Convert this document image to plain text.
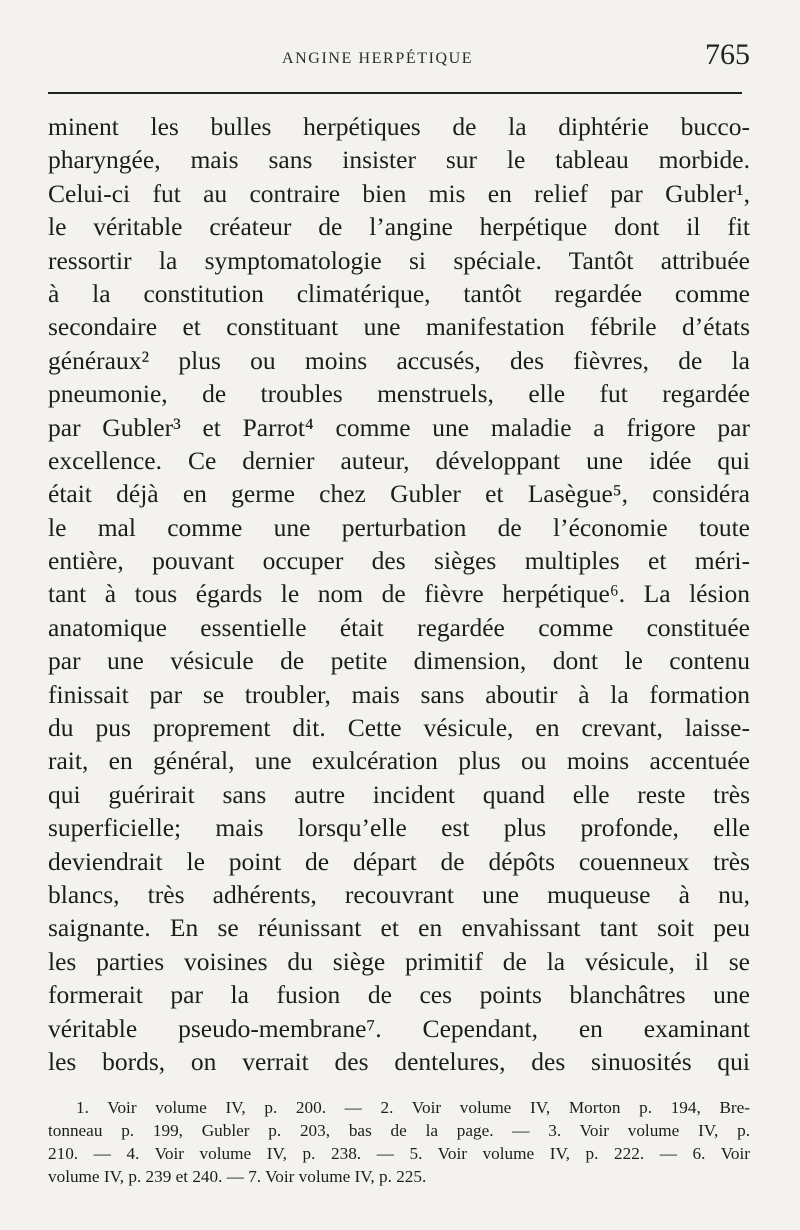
ANGINE HERPÉTIQUE	765
minent les bulles herpétiques de la diphtérie bucco-
pharyngée, mais sans insister sur le tableau morbide.
Celui-ci fut au contraire bien mis en relief par Gubler¹,
le véritable créateur de l’angine herpétique dont il fit
ressortir la symptomatologie si spéciale. Tantôt attribuée
à la constitution climatérique, tantôt regardée comme
secondaire et constituant une manifestation fébrile d’états
généraux² plus ou moins accusés, des fièvres, de la
pneumonie, de troubles menstruels, elle fut regardée
par Gubler³ et Parrot⁴ comme une maladie a frigore par
excellence. Ce dernier auteur, développant une idée qui
était déjà en germe chez Gubler et Lasègue⁵, considéra
le mal comme une perturbation de l’économie toute
entière, pouvant occuper des sièges multiples et méri-
tant à tous égards le nom de fièvre herpétique⁶. La lésion
anatomique essentielle était regardée comme constituée
par une vésicule de petite dimension, dont le contenu
finissait par se troubler, mais sans aboutir à la formation
du pus proprement dit. Cette vésicule, en crevant, laisse-
rait, en général, une exulcération plus ou moins accentuée
qui guérirait sans autre incident quand elle reste très
superficielle; mais lorsqu’elle est plus profonde, elle
deviendrait le point de départ de dépôts couenneux très
blancs, très adhérents, recouvrant une muqueuse à nu,
saignante. En se réunissant et en envahissant tant soit peu
les parties voisines du siège primitif de la vésicule, il se
formerait par la fusion de ces points blanchâtres une
véritable pseudo-membrane⁷. Cependant, en examinant
les bords, on verrait des dentelures, des sinuosités qui
1. Voir volume IV, p. 200. — 2. Voir volume IV, Morton p. 194, Bre-
tonneau p. 199, Gubler p. 203, bas de la page. — 3. Voir volume IV, p.
210. — 4. Voir volume IV, p. 238. — 5. Voir volume IV, p. 222. — 6. Voir
volume IV, p. 239 et 240. — 7. Voir volume IV, p. 225.
